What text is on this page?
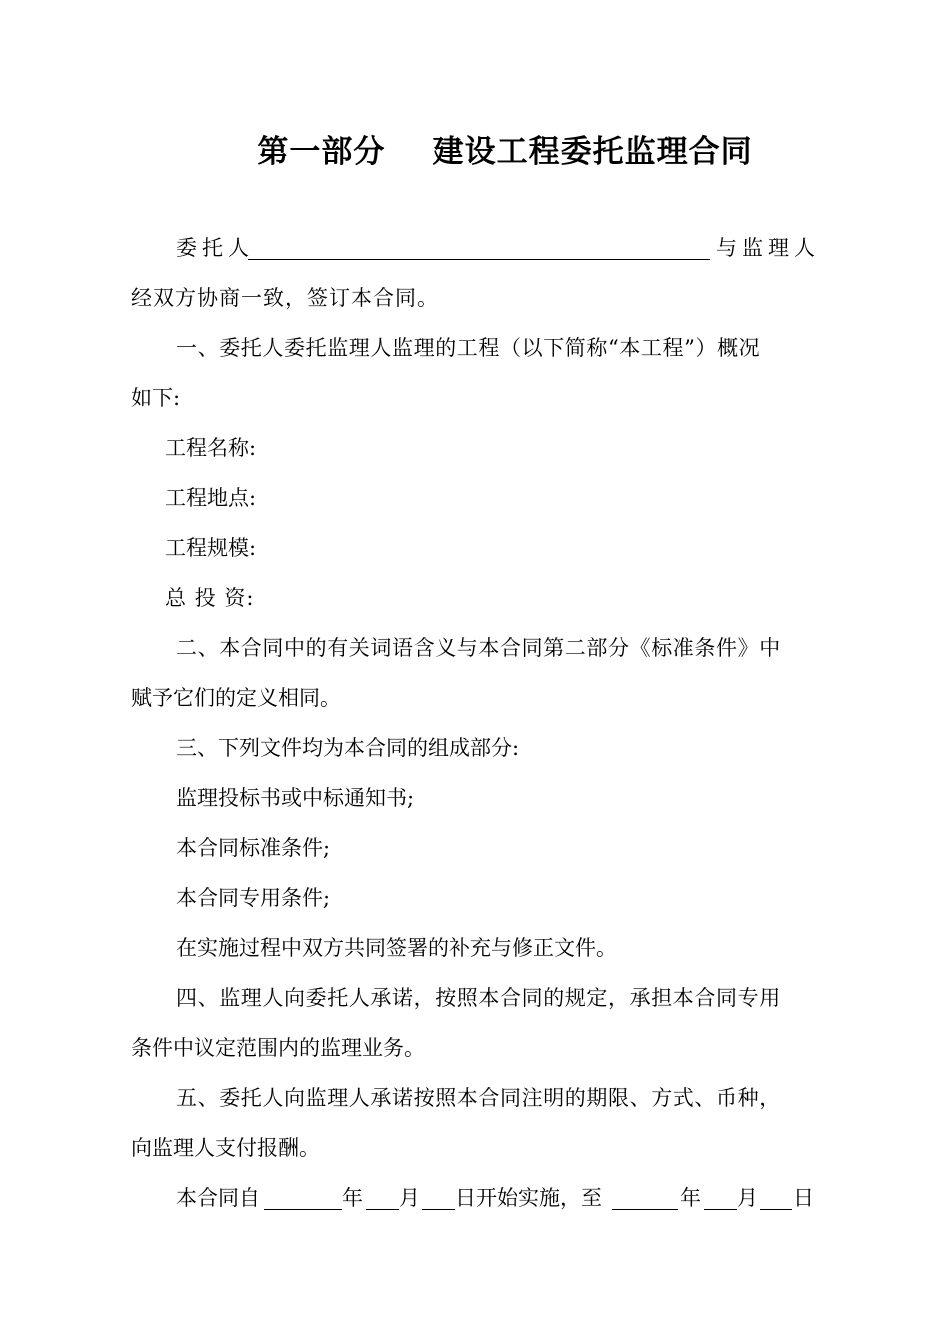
第一部分    建设工程委托监理合同
委托人	与监理人
经双方协商一致，签订本合同。
一、委托人委托监理人监理的工程（以下简称“本工程”）概况
如下:
工程名称:
工程地点:
工程规模:
总 投 资:
二、本合同中的有关词语含义与本合同第二部分《标准条件》中
赋予它们的定义相同。
三、下列文件均为本合同的组成部分:
监理投标书或中标通知书;
本合同标准条件;
本合同专用条件;
在实施过程中双方共同签署的补充与修正文件。
四、监理人向委托人承诺，按照本合同的规定，承担本合同专用
条件中议定范围内的监理业务。
五、委托人向监理人承诺按照本合同注明的期限、方式、币种，
向监理人支付报酬。
本合同自	年 月 日开始实施，至	年 月 日
